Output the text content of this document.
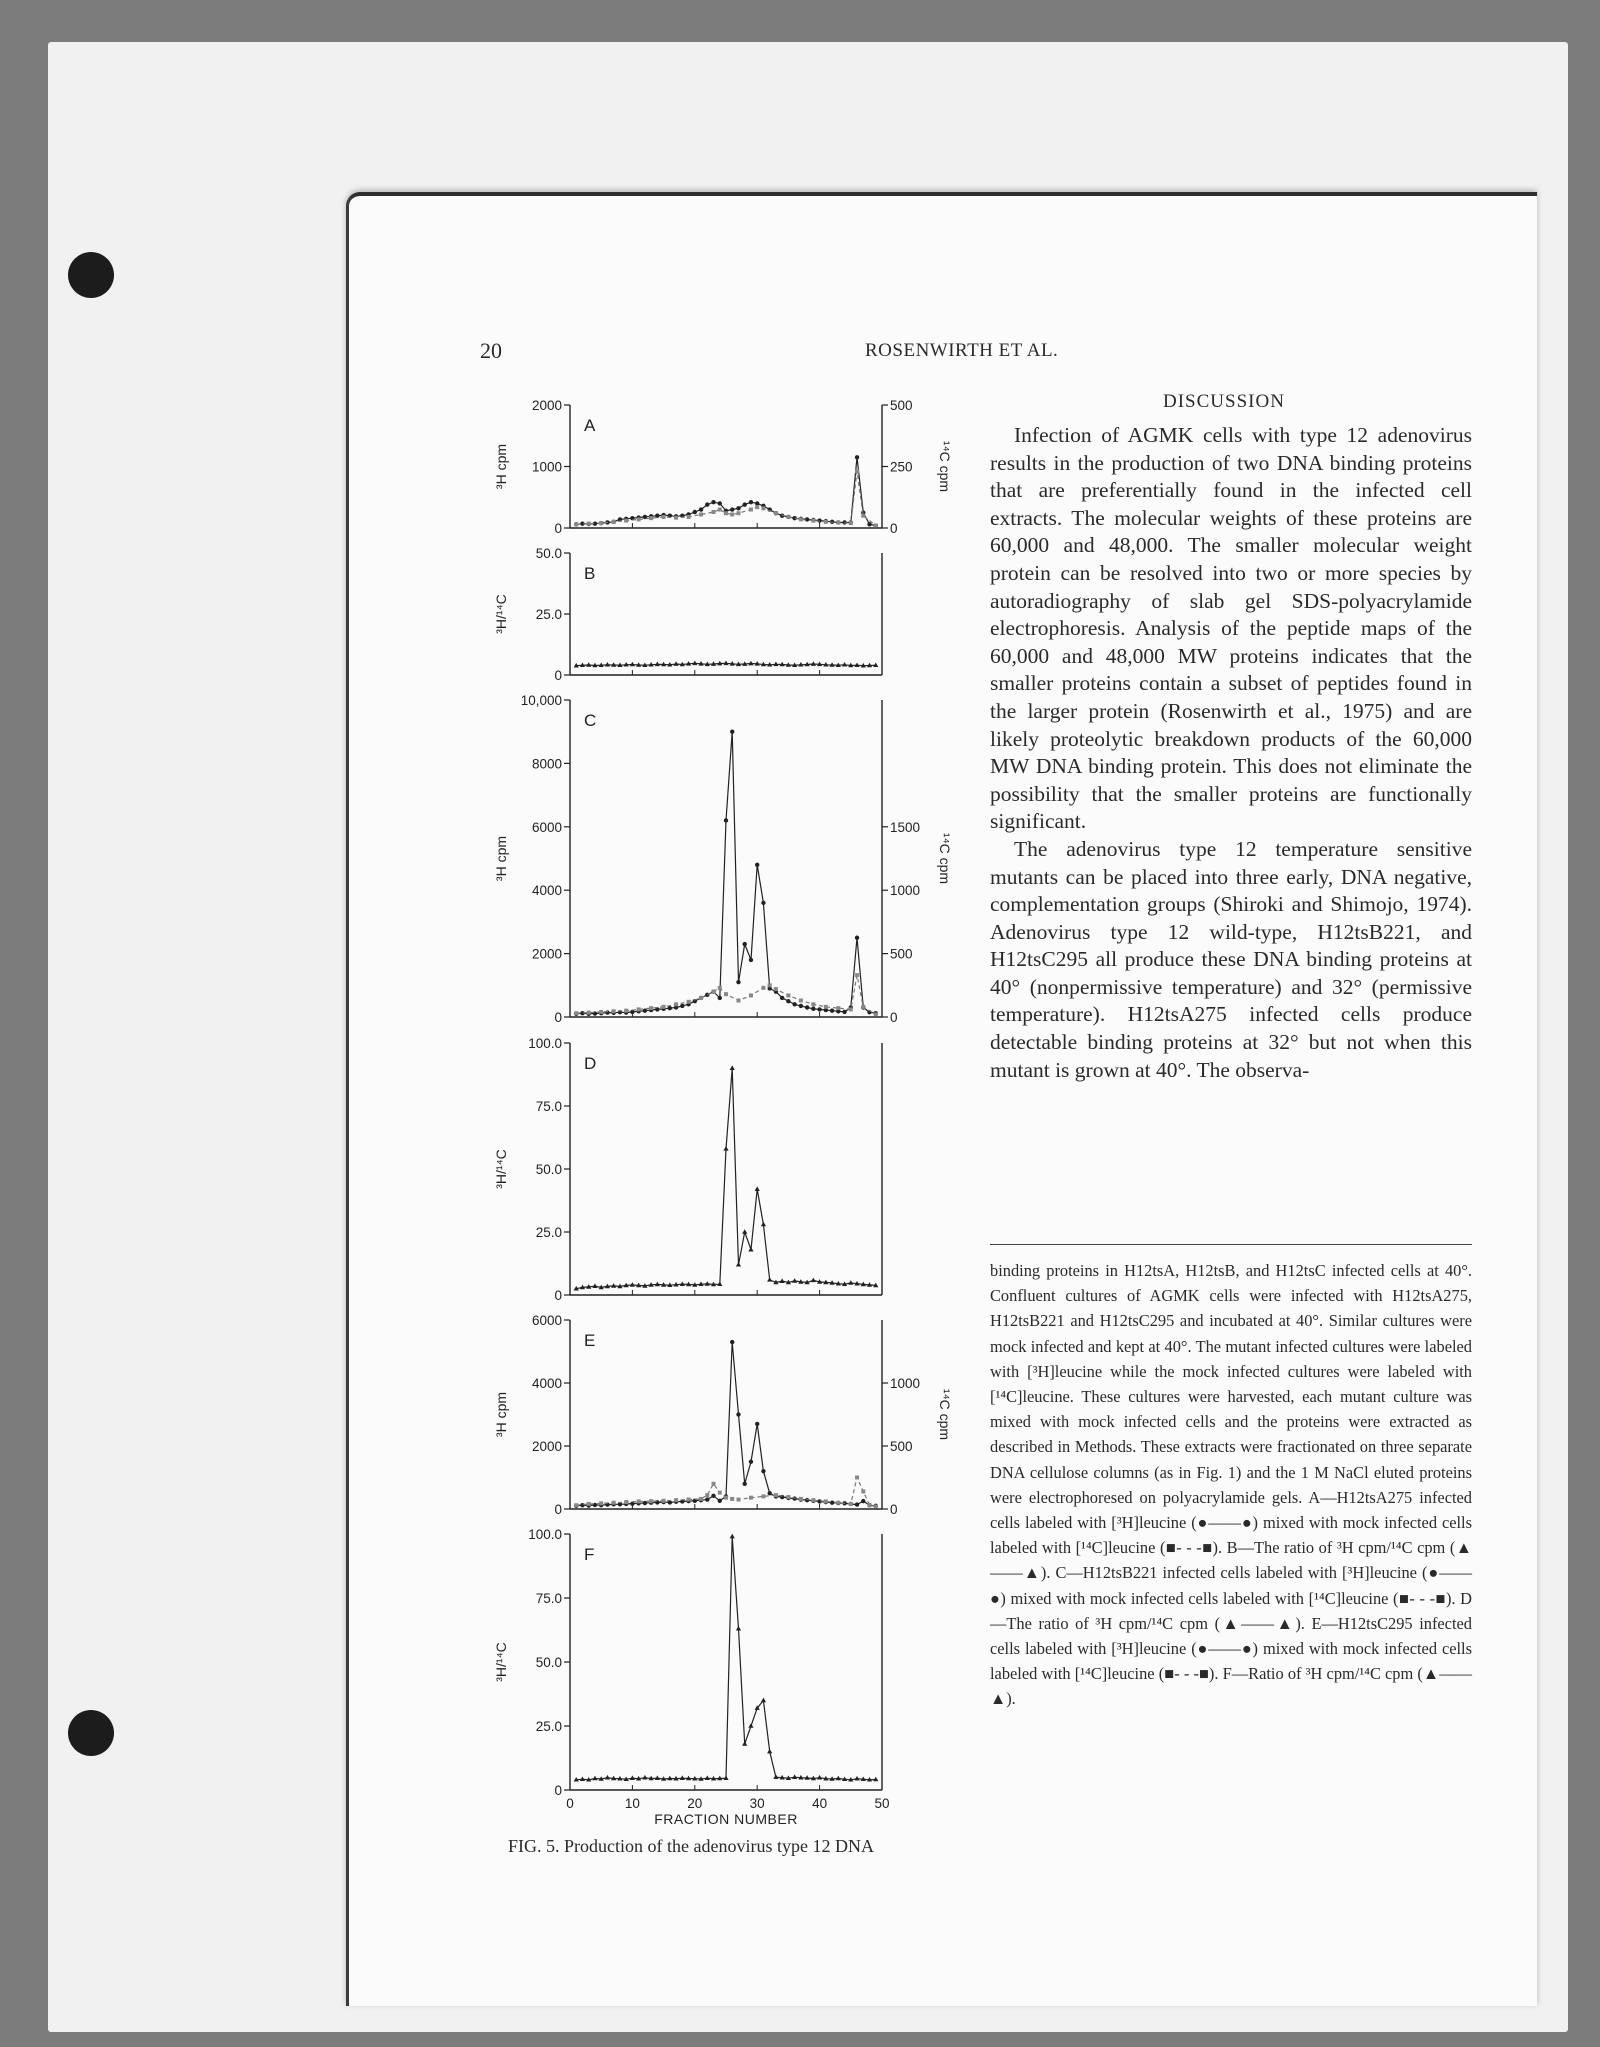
20	ROSENWIRTH ET AL.
A
2000
1000
0
³H cpm
500
250
0
¹⁴C cpm
B
50.0
25.0
0
³H/¹⁴C
C
10,000
8000
6000
4000
2000
0
³H cpm
1500
1000
500
0
¹⁴C cpm
D
100.0
75.0
50.0
25.0
0
³H/¹⁴C
E
6000
4000
2000
0
³H cpm
1000
500
0
¹⁴C cpm
F
100.0
75.0
50.0
25.0
0
³H/¹⁴C
0	10	20	30	40	50
FRACTION NUMBER
FIG. 5. Production of the adenovirus type 12 DNA
DISCUSSION

Infection of AGMK cells with type 12 adenovirus results in the production of two DNA binding proteins that are preferentially found in the infected cell extracts. The molecular weights of these proteins are 60,000 and 48,000. The smaller molecular weight protein can be resolved into two or more species by autoradiography of slab gel SDS-polyacrylamide electrophoresis. Analysis of the peptide maps of the 60,000 and 48,000 MW proteins indicates that the smaller proteins contain a subset of peptides found in the larger protein (Rosenwirth et al., 1975) and are likely proteolytic breakdown products of the 60,000 MW DNA binding protein. This does not eliminate the possibility that the smaller proteins are functionally significant.

The adenovirus type 12 temperature sensitive mutants can be placed into three early, DNA negative, complementation groups (Shiroki and Shimojo, 1974). Adenovirus type 12 wild-type, H12tsB221, and H12tsC295 all produce these DNA binding proteins at 40° (nonpermissive temperature) and 32° (permissive temperature). H12tsA275 infected cells produce detectable binding proteins at 32° but not when this mutant is grown at 40°. The observa-

binding proteins in H12tsA, H12tsB, and H12tsC infected cells at 40°. Confluent cultures of AGMK cells were infected with H12tsA275, H12tsB221 and H12tsC295 and incubated at 40°. Similar cultures were mock infected and kept at 40°. The mutant infected cultures were labeled with [³H]leucine while the mock infected cultures were labeled with [¹⁴C]leucine. These cultures were harvested, each mutant culture was mixed with mock infected cells and the proteins were extracted as described in Methods. These extracts were fractionated on three separate DNA cellulose columns (as in Fig. 1) and the 1 M NaCl eluted proteins were electrophoresed on polyacrylamide gels. A—H12tsA275 infected cells labeled with [³H]leucine (●——●) mixed with mock infected cells labeled with [¹⁴C]leucine (■- - -■). B—The ratio of ³H cpm/¹⁴C cpm (▲——▲). C—H12tsB221 infected cells labeled with [³H]leucine (●——●) mixed with mock infected cells labeled with [¹⁴C]leucine (■- - -■). D—The ratio of ³H cpm/¹⁴C cpm (▲——▲). E—H12tsC295 infected cells labeled with [³H]leucine (●——●) mixed with mock infected cells labeled with [¹⁴C]leucine (■- - -■). F—Ratio of ³H cpm/¹⁴C cpm (▲——▲).
